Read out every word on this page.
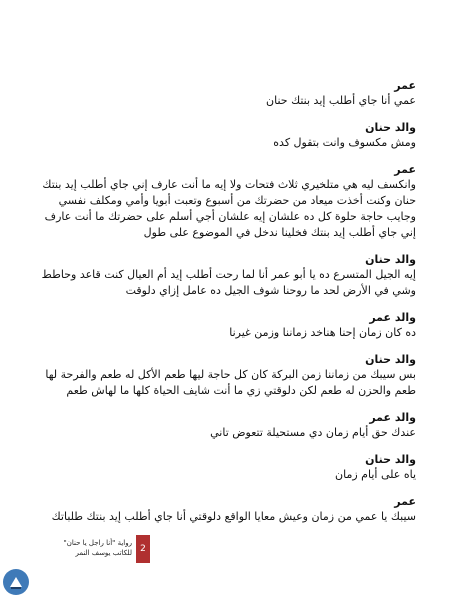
عمر

عمي أنا جاي أطلب إيد بنتك حنان

والد حنان

ومش مكسوف وانت بتقول كده

عمر

وانكسف ليه هي متلخيري ثلاث فتحات ولا إيه ما أنت عارف إني جاي أطلب إيد بنتك حنان وكنت أخذت ميعاد من حضرتك من أسبوع وتعبت أبويا وأمي ومكلف نفسي وجايب حاجة حلوة كل ده علشان إيه علشان أجي أسلم على حضرتك ما أنت عارف إني جاي أطلب إيد بنتك فخلينا ندخل في الموضوع على طول

والد حنان

إيه الجيل المتسرع ده يا أبو عمر أنا لما رحت أطلب إيد أم العيال كنت قاعد وحاطط وشي في الأرض لحد ما روحنا شوف الجيل ده عامل إزاي دلوقت

والد عمر

ده كان زمان إحنا هناخد زماننا وزمن غيرنا

والد حنان

بس سيبك من زماننا زمن البركة كان كل حاجة ليها طعم الأكل له طعم والفرحة لها طعم والحزن له طعم لكن دلوقتي زي ما أنت شايف الحياة كلها ما لهاش طعم

والد عمر

عندك حق أيام زمان دي مستحيلة تتعوض تاني

والد حنان

ياه على أيام زمان

عمر

سيبك يا عمي من زمان وعيش معايا الواقع دلوقتي أنا جاي أطلب إيد بنتك طلباتك

2
رواية "أنا راجل يا حنان"
للكاتب يوسف النمر
